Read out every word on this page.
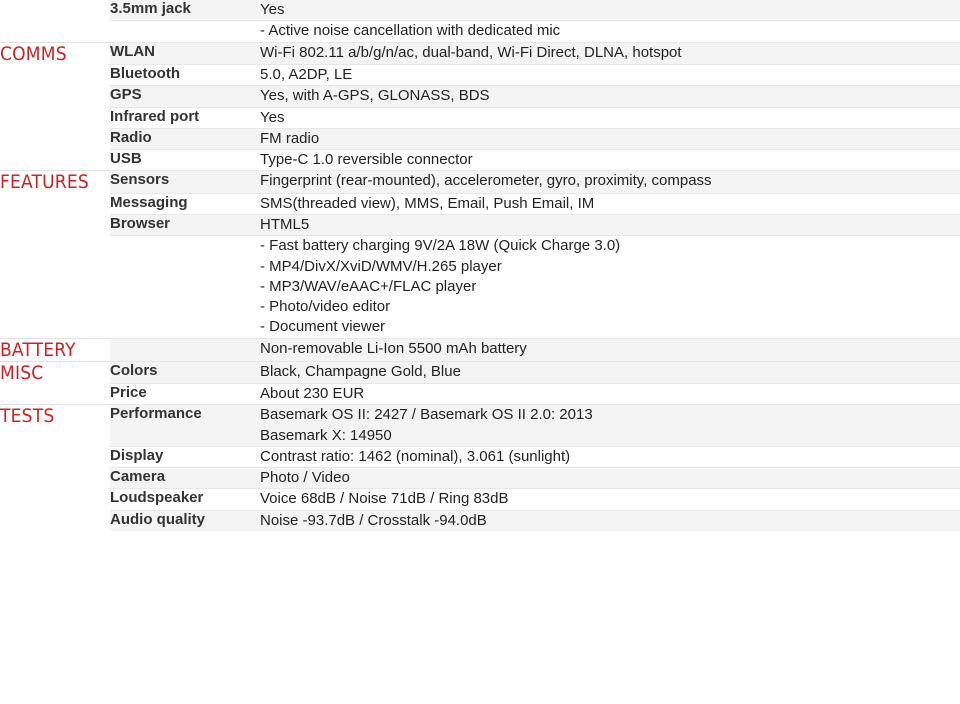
	3.5mm jack	Yes

		- Active noise cancellation with dedicated mic

COMMS	WLAN	Wi-Fi 802.11 a/b/g/n/ac, dual-band, Wi-Fi Direct, DLNA, hotspot

	Bluetooth	5.0, A2DP, LE

	GPS	Yes, with A-GPS, GLONASS, BDS

	Infrared port	Yes

	Radio	FM radio

	USB	Type-C 1.0 reversible connector

FEATURES	Sensors	Fingerprint (rear-mounted), accelerometer, gyro, proximity, compass

	Messaging	SMS(threaded view), MMS, Email, Push Email, IM

	Browser	HTML5

		- Fast battery charging 9V/2A 18W (Quick Charge 3.0)
- MP4/DivX/XviD/WMV/H.265 player
- MP3/WAV/eAAC+/FLAC player
- Photo/video editor
- Document viewer

BATTERY		Non-removable Li-Ion 5500 mAh battery

MISC	Colors	Black, Champagne Gold, Blue

	Price	About 230 EUR

TESTS	Performance	Basemark OS II: 2427 / Basemark OS II 2.0: 2013
Basemark X: 14950

	Display	Contrast ratio: 1462 (nominal), 3.061 (sunlight)

	Camera	Photo / Video

	Loudspeaker	Voice 68dB / Noise 71dB / Ring 83dB

	Audio quality	Noise -93.7dB / Crosstalk -94.0dB
